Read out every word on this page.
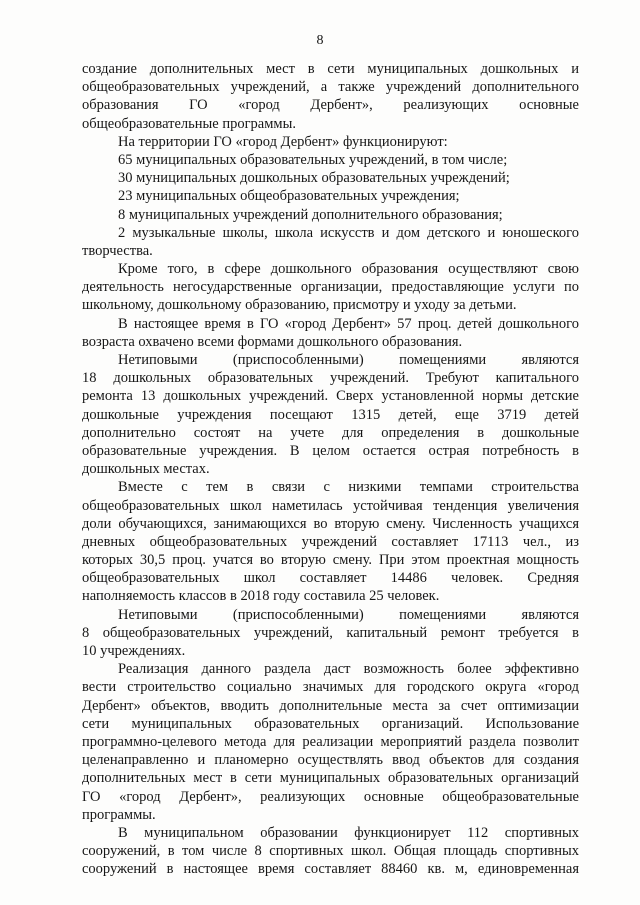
8
создание дополнительных мест в сети муниципальных дошкольных и
общеобразовательных учреждений, а также учреждений дополнительного
образования ГО «город Дербент», реализующих основные
общеобразовательные программы.
На территории ГО «город Дербент» функционируют:
65 муниципальных образовательных учреждений, в том числе;
30 муниципальных дошкольных образовательных учреждений;
23 муниципальных общеобразовательных учреждения;
8 муниципальных учреждений дополнительного образования;
2 музыкальные школы, школа искусств и дом детского и юношеского
творчества.
Кроме того, в сфере дошкольного образования осуществляют свою
деятельность негосударственные организации, предоставляющие услуги по
школьному, дошкольному образованию, присмотру и уходу за детьми.
В настоящее время в ГО «город Дербент» 57 проц. детей дошкольного
возраста охвачено всеми формами дошкольного образования.
Нетиповыми (приспособленными) помещениями являются
18 дошкольных образовательных учреждений. Требуют капитального
ремонта 13 дошкольных учреждений. Сверх установленной нормы детские
дошкольные учреждения посещают 1315 детей, еще 3719 детей
дополнительно состоят на учете для определения в дошкольные
образовательные учреждения. В целом остается острая потребность в
дошкольных местах.
Вместе с тем в связи с низкими темпами строительства
общеобразовательных школ наметилась устойчивая тенденция увеличения
доли обучающихся, занимающихся во вторую смену. Численность учащихся
дневных общеобразовательных учреждений составляет 17113 чел., из
которых 30,5 проц. учатся во вторую смену. При этом проектная мощность
общеобразовательных школ составляет 14486 человек. Средняя
наполняемость классов в 2018 году составила 25 человек.
Нетиповыми (приспособленными) помещениями являются
8 общеобразовательных учреждений, капитальный ремонт требуется в
10 учреждениях.
Реализация данного раздела даст возможность более эффективно
вести строительство социально значимых для городского округа «город
Дербент» объектов, вводить дополнительные места за счет оптимизации
сети муниципальных образовательных организаций. Использование
программно-целевого метода для реализации мероприятий раздела позволит
целенаправленно и планомерно осуществлять ввод объектов для создания
дополнительных мест в сети муниципальных образовательных организаций
ГО «город Дербент», реализующих основные общеобразовательные
программы.
В муниципальном образовании функционирует 112 спортивных
сооружений, в том числе 8 спортивных школ. Общая площадь спортивных
сооружений в настоящее время составляет 88460 кв. м, единовременная
